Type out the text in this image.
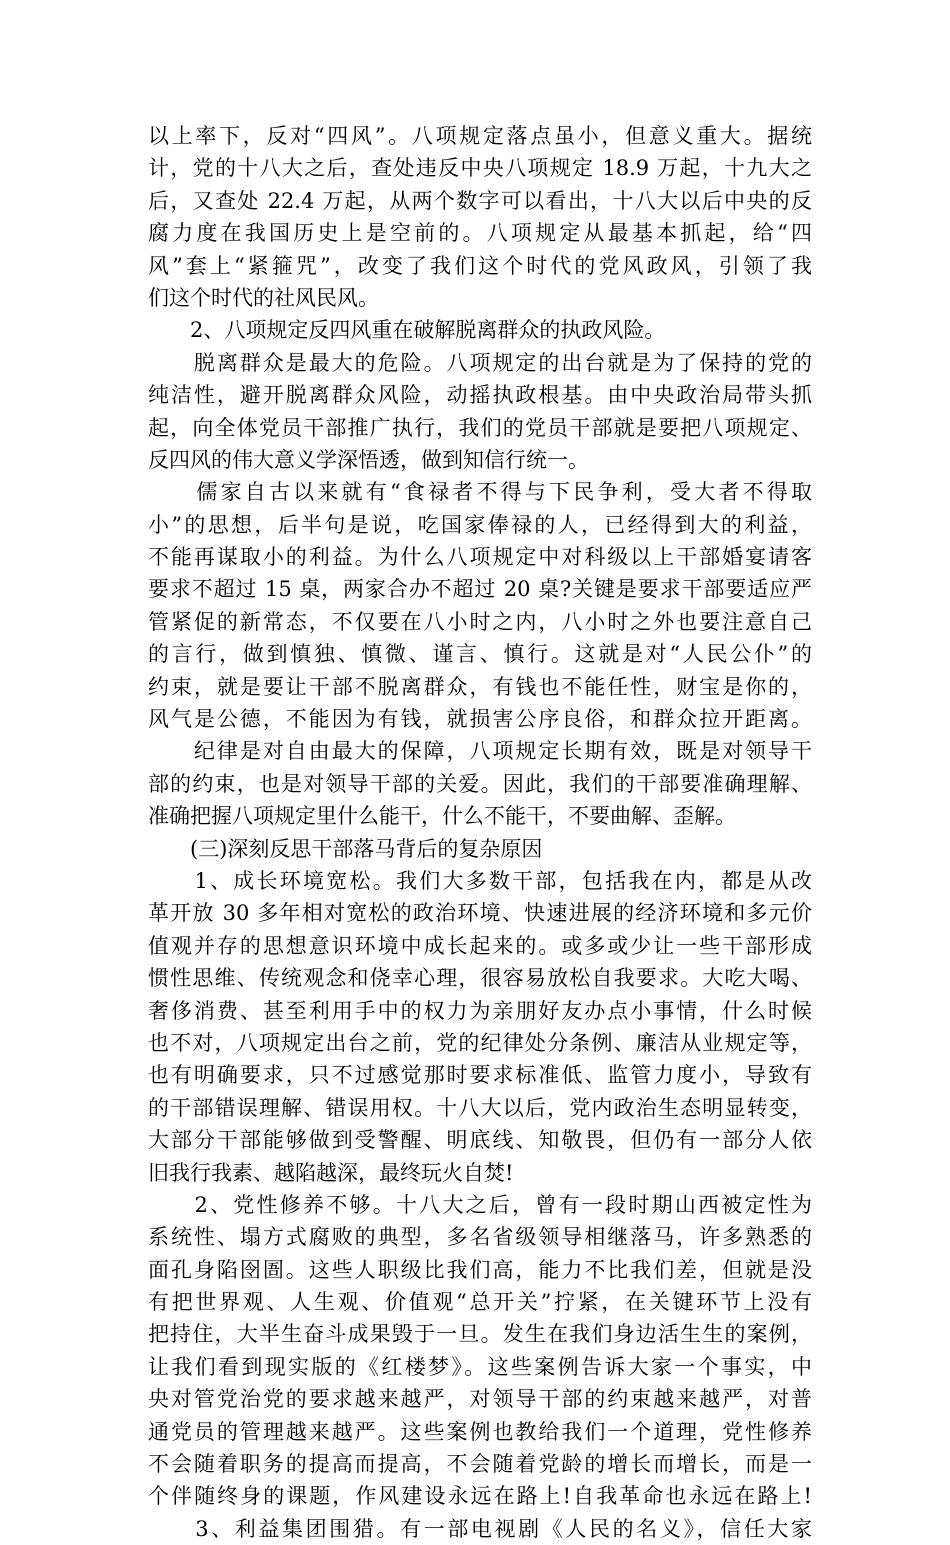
以上率下，反对“四风”。八项规定落点虽小，但意义重大。据统
计，党的十八大之后，查处违反中央八项规定 18.9 万起，十九大之
后，又查处 22.4 万起，从两个数字可以看出，十八大以后中央的反
腐力度在我国历史上是空前的。八项规定从最基本抓起，给“四
风”套上“紧箍咒”，改变了我们这个时代的党风政风，引领了我
们这个时代的社风民风。
　　2、八项规定反四风重在破解脱离群众的执政风险。
　　脱离群众是最大的危险。八项规定的出台就是为了保持的党的
纯洁性，避开脱离群众风险，动摇执政根基。由中央政治局带头抓
起，向全体党员干部推广执行，我们的党员干部就是要把八项规定、
反四风的伟大意义学深悟透，做到知信行统一。
　　儒家自古以来就有“食禄者不得与下民争利，受大者不得取
小”的思想，后半句是说，吃国家俸禄的人，已经得到大的利益，
不能再谋取小的利益。为什么八项规定中对科级以上干部婚宴请客
要求不超过 15 桌，两家合办不超过 20 桌?关键是要求干部要适应严
管紧促的新常态，不仅要在八小时之内，八小时之外也要注意自己
的言行，做到慎独、慎微、谨言、慎行。这就是对“人民公仆”的
约束，就是要让干部不脱离群众，有钱也不能任性，财宝是你的，
风气是公德，不能因为有钱，就损害公序良俗，和群众拉开距离。
　　纪律是对自由最大的保障，八项规定长期有效，既是对领导干
部的约束，也是对领导干部的关爱。因此，我们的干部要准确理解、
准确把握八项规定里什么能干，什么不能干，不要曲解、歪解。
　　(三)深刻反思干部落马背后的复杂原因
　　1、成长环境宽松。我们大多数干部，包括我在内，都是从改
革开放 30 多年相对宽松的政治环境、快速进展的经济环境和多元价
值观并存的思想意识环境中成长起来的。或多或少让一些干部形成
惯性思维、传统观念和侥幸心理，很容易放松自我要求。大吃大喝、
奢侈消费、甚至利用手中的权力为亲朋好友办点小事情，什么时候
也不对，八项规定出台之前，党的纪律处分条例、廉洁从业规定等，
也有明确要求，只不过感觉那时要求标准低、监管力度小，导致有
的干部错误理解、错误用权。十八大以后，党内政治生态明显转变，
大部分干部能够做到受警醒、明底线、知敬畏，但仍有一部分人依
旧我行我素、越陷越深，最终玩火自焚!
　　2、党性修养不够。十八大之后，曾有一段时期山西被定性为
系统性、塌方式腐败的典型，多名省级领导相继落马，许多熟悉的
面孔身陷囹圄。这些人职级比我们高，能力不比我们差，但就是没
有把世界观、人生观、价值观“总开关”拧紧，在关键环节上没有
把持住，大半生奋斗成果毁于一旦。发生在我们身边活生生的案例，
让我们看到现实版的《红楼梦》。这些案例告诉大家一个事实，中
央对管党治党的要求越来越严，对领导干部的约束越来越严，对普
通党员的管理越来越严。这些案例也教给我们一个道理，党性修养
不会随着职务的提高而提高，不会随着党龄的增长而增长，而是一
个伴随终身的课题，作风建设永远在路上!自我革命也永远在路上!
　　3、利益集团围猎。有一部电视剧《人民的名义》，信任大家
